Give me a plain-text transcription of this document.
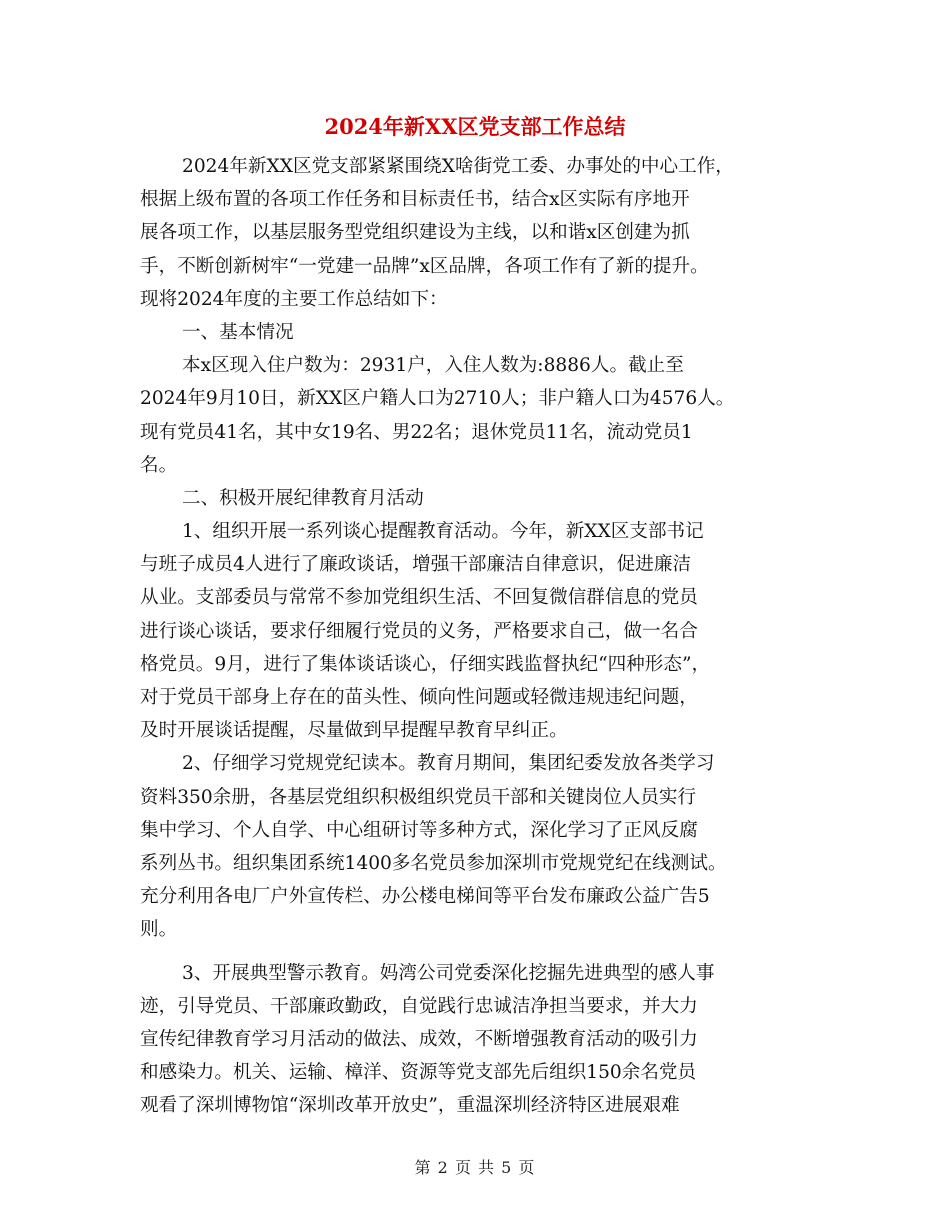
2024年新XX区党支部工作总结
2024年新XX区党支部紧紧围绕X啥街党工委、办事处的中心工作，
根据上级布置的各项工作任务和目标责任书，结合x区实际有序地开
展各项工作，以基层服务型党组织建设为主线，以和谐x区创建为抓
手，不断创新树牢“一党建一品牌”x区品牌，各项工作有了新的提升。
现将2024年度的主要工作总结如下：
一、基本情况
本x区现入住户数为：2931户，入住人数为:8886人。截止至
2024年9月10日，新XX区户籍人口为2710人；非户籍人口为4576人。
现有党员41名，其中女19名、男22名；退休党员11名，流动党员1
名。
二、积极开展纪律教育月活动
1、组织开展一系列谈心提醒教育活动。今年，新XX区支部书记
与班子成员4人进行了廉政谈话，增强干部廉洁自律意识，促进廉洁
从业。支部委员与常常不参加党组织生活、不回复微信群信息的党员
进行谈心谈话，要求仔细履行党员的义务，严格要求自己，做一名合
格党员。9月，进行了集体谈话谈心，仔细实践监督执纪“四种形态”，
对于党员干部身上存在的苗头性、倾向性问题或轻微违规违纪问题，
及时开展谈话提醒，尽量做到早提醒早教育早纠正。
2、仔细学习党规党纪读本。教育月期间，集团纪委发放各类学习
资料350余册，各基层党组织积极组织党员干部和关键岗位人员实行
集中学习、个人自学、中心组研讨等多种方式，深化学习了正风反腐
系列丛书。组织集团系统1400多名党员参加深圳市党规党纪在线测试。
充分利用各电厂户外宣传栏、办公楼电梯间等平台发布廉政公益广告5
则。
3、开展典型警示教育。妈湾公司党委深化挖掘先进典型的感人事
迹，引导党员、干部廉政勤政，自觉践行忠诚洁净担当要求，并大力
宣传纪律教育学习月活动的做法、成效，不断增强教育活动的吸引力
和感染力。机关、运输、樟洋、资源等党支部先后组织150余名党员
观看了深圳博物馆“深圳改革开放史”，重温深圳经济特区进展艰难
第 2 页 共 5 页
